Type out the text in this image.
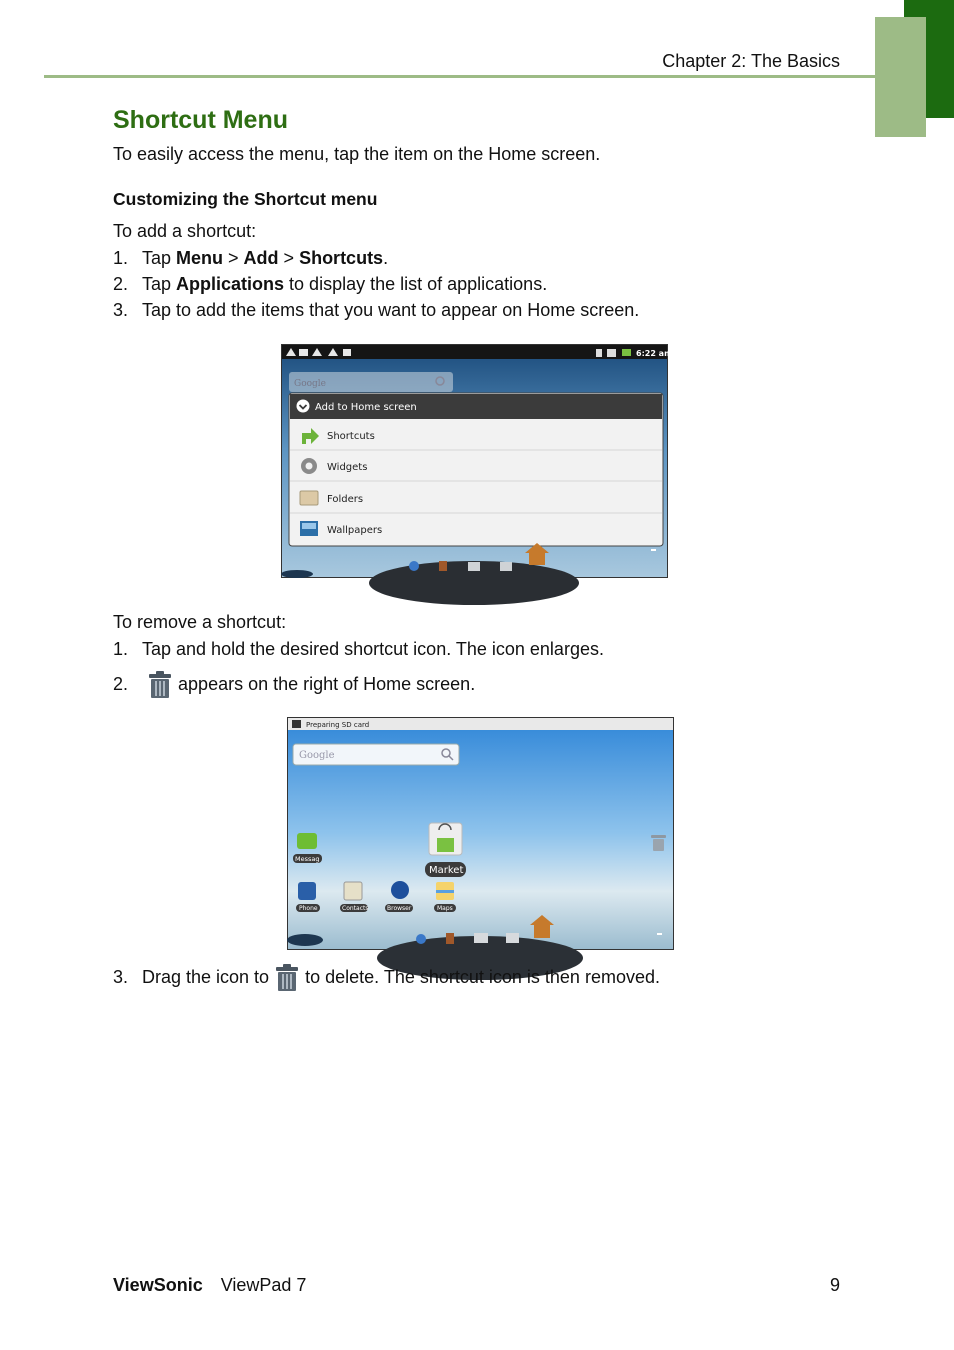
Chapter 2: The Basics
Shortcut Menu
To easily access the menu, tap the item on the Home screen.
Customizing the Shortcut menu
To add a shortcut:
1. Tap Menu > Add > Shortcuts.
2. Tap Applications to display the list of applications.
3. Tap to add the items that you want to appear on Home screen.
6:22 am
Google
Add to Home screen
Shortcuts
Widgets
Folders
Wallpapers
To remove a shortcut:
1. Tap and hold the desired shortcut icon. The icon enlarges.
2.	appears on the right of Home screen.
Preparing SD card
Google
Messag
Market
Phone	Contacts	Browser	Maps
3. Drag the icon to to delete. The shortcut icon is then removed.
ViewSonic ViewPad 7	9
